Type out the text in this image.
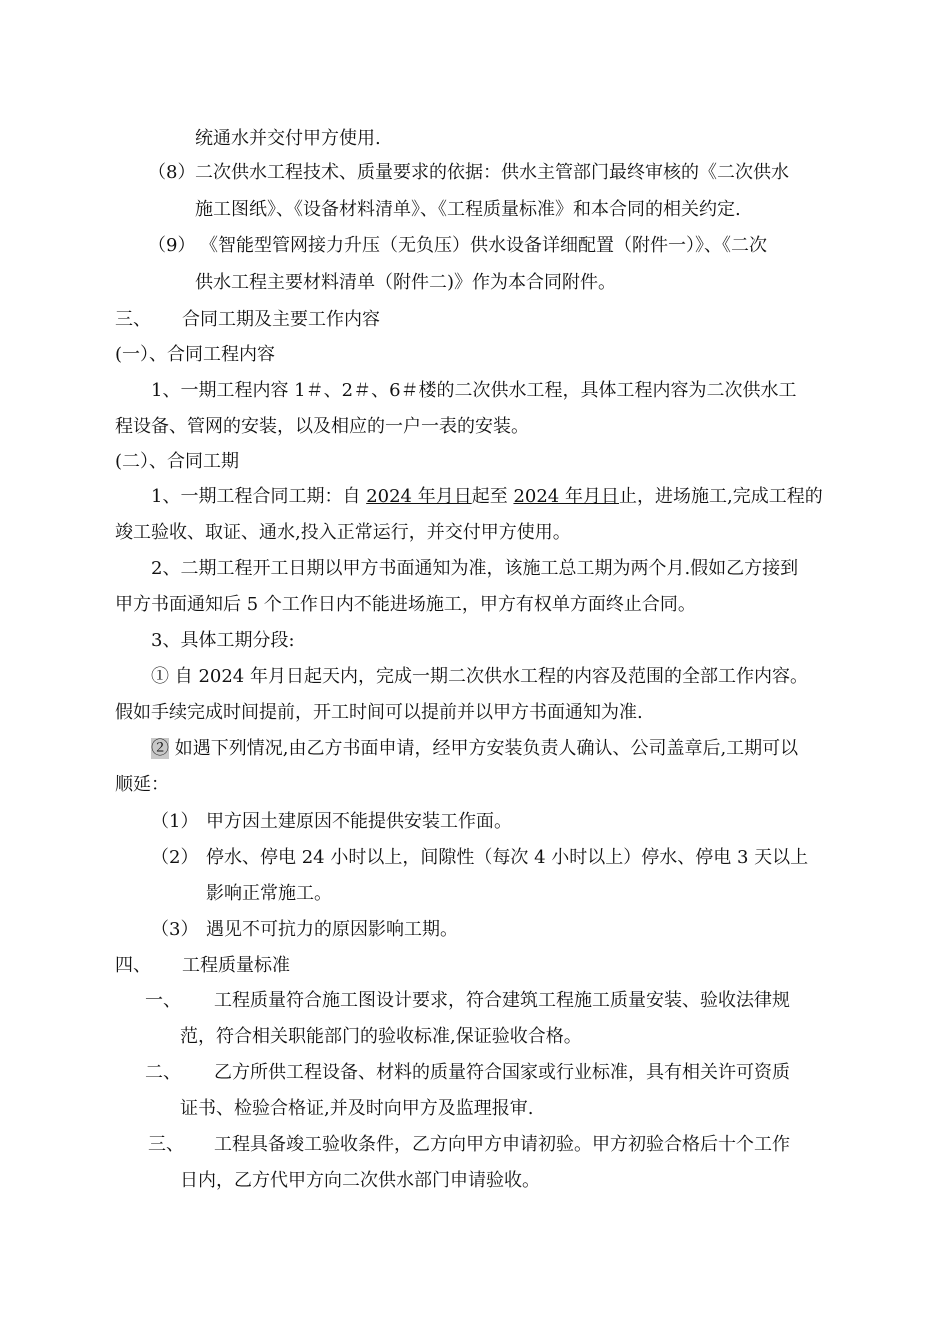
统通水并交付甲方使用.
（8） 二次供水工程技术、质量要求的依据：供水主管部门最终审核的《二次供水
施工图纸》、《设备材料清单》、《工程质量标准》和本合同的相关约定.
（9） 《智能型管网接力升压（无负压）供水设备详细配置（附件一）》、《二次
供水工程主要材料清单（附件二)》作为本合同附件。
三、 合同工期及主要工作内容
(一）、合同工程内容
1、一期工程内容 1＃、2＃、6＃楼的二次供水工程，具体工程内容为二次供水工
程设备、管网的安装，以及相应的一户一表的安装。
(二）、合同工期
1、一期工程合同工期：自 2024 年月日起至 2024 年月日止，进场施工,完成工程的
竣工验收、取证、通水,投入正常运行，并交付甲方使用。
2、二期工程开工日期以甲方书面通知为准，该施工总工期为两个月.假如乙方接到
甲方书面通知后 5 个工作日内不能进场施工，甲方有权单方面终止合同。
3、具体工期分段:
① 自 2024 年月日起天内，完成一期二次供水工程的内容及范围的全部工作内容。
假如手续完成时间提前，开工时间可以提前并以甲方书面通知为准.
② 如遇下列情况,由乙方书面申请，经甲方安装负责人确认、公司盖章后,工期可以
顺延：
（1） 甲方因土建原因不能提供安装工作面。
（2） 停水、停电 24 小时以上，间隙性（每次 4 小时以上）停水、停电 3 天以上
影响正常施工。
（3） 遇见不可抗力的原因影响工期。
四、 工程质量标准
一、 工程质量符合施工图设计要求，符合建筑工程施工质量安装、验收法律规
范，符合相关职能部门的验收标准,保证验收合格。
二、 乙方所供工程设备、材料的质量符合国家或行业标准，具有相关许可资质
证书、检验合格证,并及时向甲方及监理报审.
三、 工程具备竣工验收条件，乙方向甲方申请初验。甲方初验合格后十个工作
日内，乙方代甲方向二次供水部门申请验收。
